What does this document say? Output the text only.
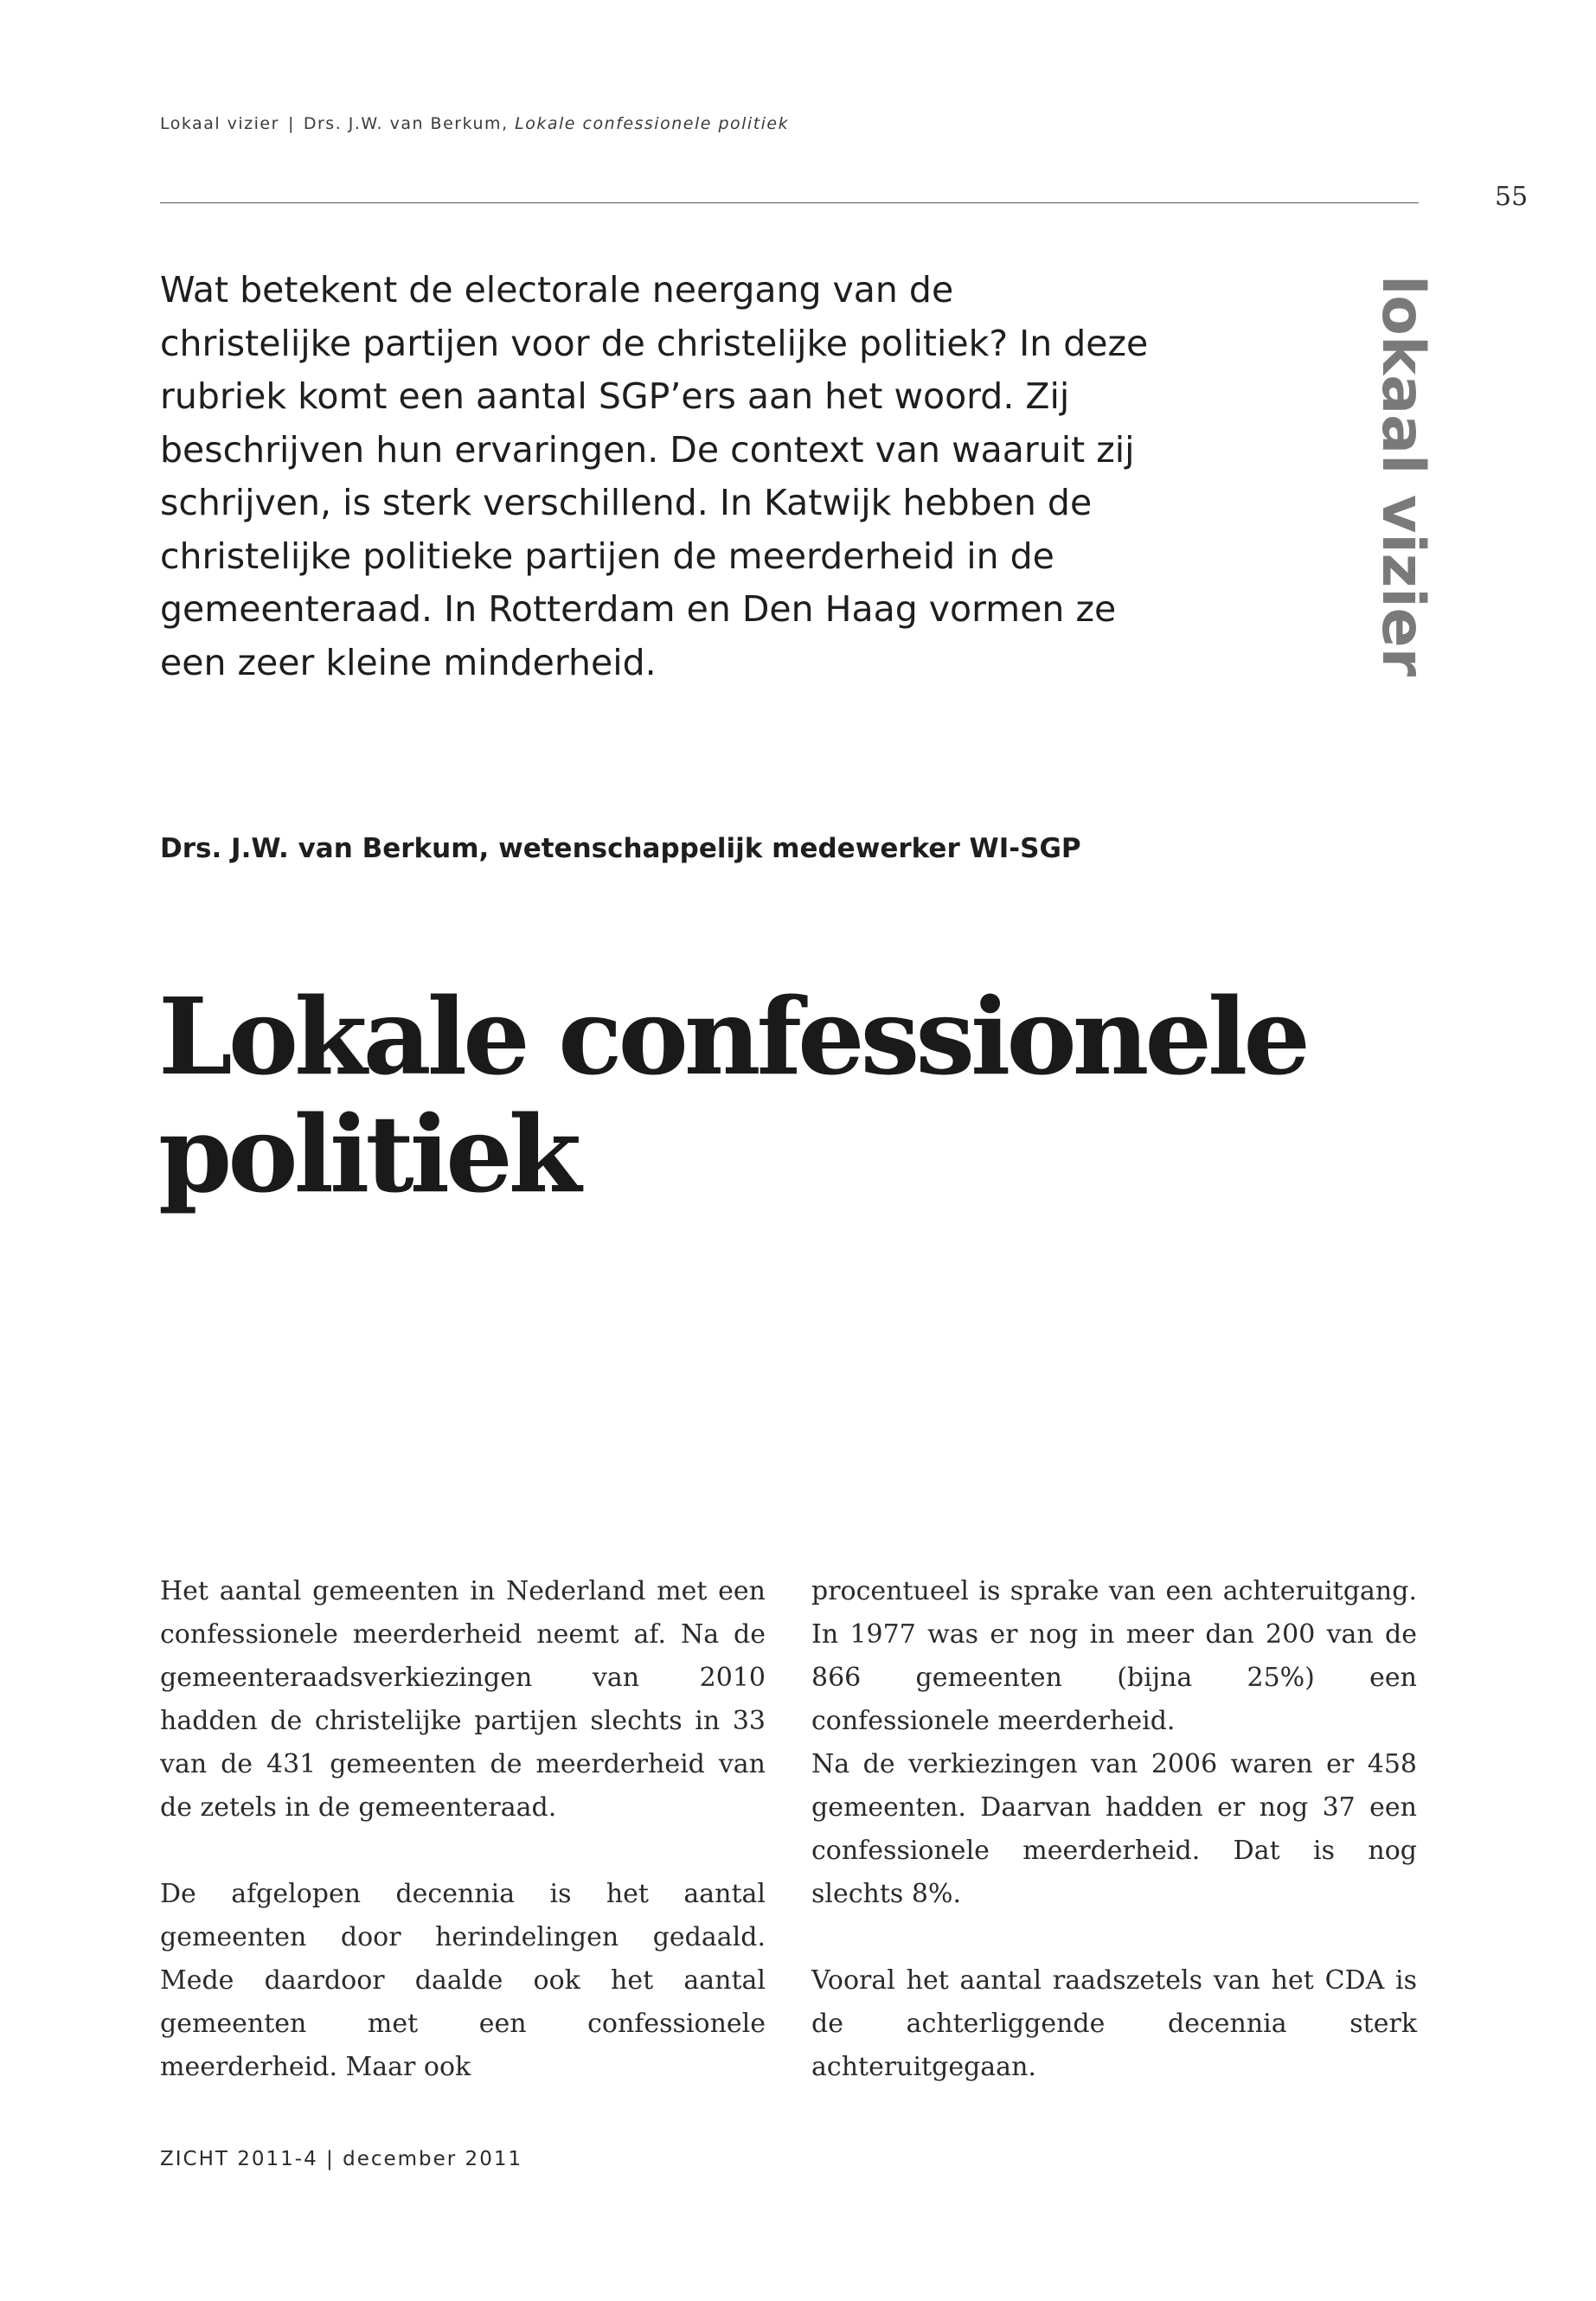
Lokaal vizier | Drs. J.W. van Berkum, Lokale confessionele politiek
55

Wat betekent de electorale neergang van de christelijke partijen voor de christelijke politiek? In deze rubriek komt een aantal SGP’ers aan het woord. Zij beschrijven hun ervaringen. De context van waaruit zij schrijven, is sterk verschillend. In Katwijk hebben de christelijke politieke partijen de meerderheid in de gemeenteraad. In Rotterdam en Den Haag vormen ze een zeer kleine minderheid.	lokaal vizier
Drs. J.W. van Berkum, wetenschappelijk medewerker WI-SGP
Lokale confessionele
politiek

Het aantal gemeenten in Nederland met een confessionele meerderheid neemt af. Na de gemeenteraadsverkiezingen van 2010 hadden de christelijke partijen slechts in 33 van de 431 gemeenten de meerderheid van de zetels in de gemeenteraad.

De afgelopen decennia is het aantal gemeenten door herindelingen gedaald. Mede daardoor daalde ook het aantal gemeenten met een confessionele meerderheid. Maar ook

procentueel is sprake van een achteruitgang. In 1977 was er nog in meer dan 200 van de 866 gemeenten (bijna 25%) een confessionele meerderheid.

Na de verkiezingen van 2006 waren er 458 gemeenten. Daarvan hadden er nog 37 een confessionele meerderheid. Dat is nog slechts 8%.

Vooral het aantal raadszetels van het CDA is de achterliggende decennia sterk achteruitgegaan.

ZICHT 2011-4 | december 2011
